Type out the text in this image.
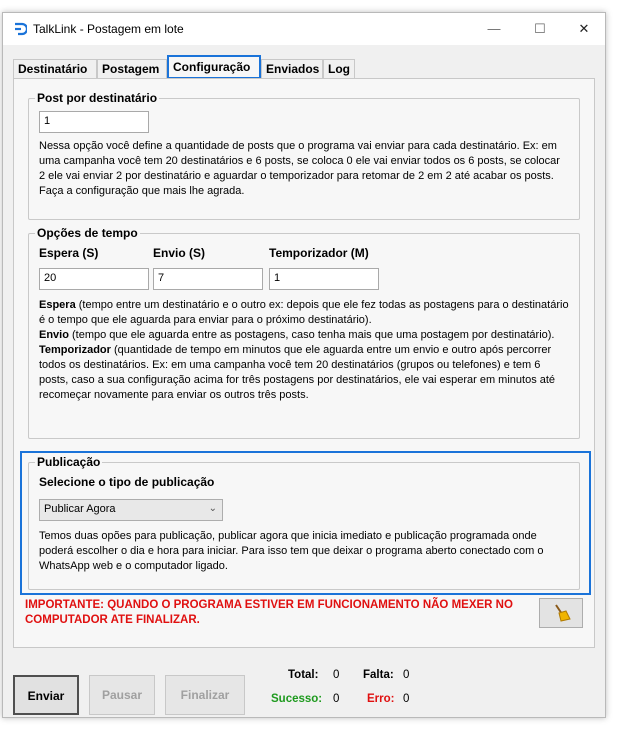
TalkLink - Postagem em lote	—	☐	✕
Destinatário	Postagem	Configuração	Enviados Log
Post por destinatário
1
Nessa opção você define a quantidade de posts que o programa vai enviar para cada destinatário. Ex: em uma campanha você tem 20 destinatários e 6 posts, se coloca 0 ele vai enviar todos os 6 posts, se colocar 2 ele vai enviar 2 por destinatário e aguardar o temporizador para retomar de 2 em 2 até acabar os posts. Faça a configuração que mais lhe agrada.
Opções de tempo
Espera (S)	Envio (S)	Temporizador (M)
20	7	1
Espera (tempo entre um destinatário e o outro ex: depois que ele fez todas as postagens para o destinatário é o tempo que ele aguarda para enviar para o próximo destinatário).
Envio (tempo que ele aguarda entre as postagens, caso tenha mais que uma postagem por destinatário).
Temporizador (quantidade de tempo em minutos que ele aguarda entre um envio e outro após percorrer todos os destinatários. Ex: em uma campanha você tem 20 destinatários (grupos ou telefones) e tem 6 posts, caso a sua configuração acima for três postagens por destinatários, ele vai esperar em minutos até recomeçar novamente para enviar os outros três posts.
Publicação
Selecione o tipo de publicação
Publicar Agora	⌄
Temos duas opões para publicação, publicar agora que inicia imediato e publicação programada onde poderá escolher o dia e hora para iniciar. Para isso tem que deixar o programa aberto conectado com o WhatsApp web e o computador ligado.
IMPORTANTE: QUANDO O PROGRAMA ESTIVER EM FUNCIONAMENTO NÃO MEXER NO COMPUTADOR ATE FINALIZAR.
Enviar	Pausar	Finalizar
Total: 0 Falta: 0
Sucesso: 0 Erro: 0
